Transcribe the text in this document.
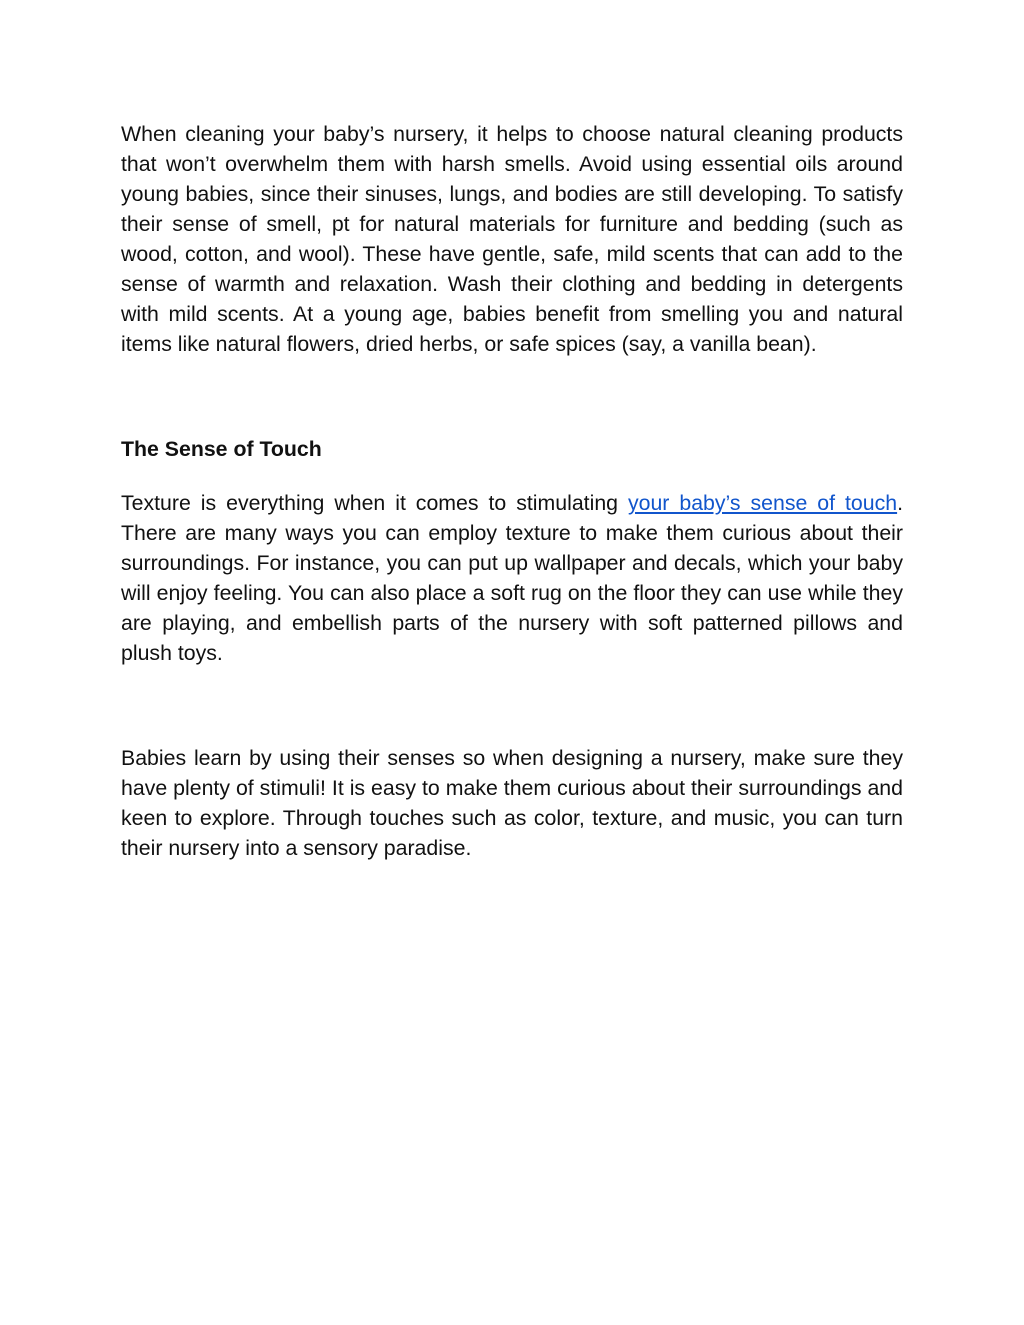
When cleaning your baby’s nursery, it helps to choose natural cleaning products that won’t overwhelm them with harsh smells. Avoid using essential oils around young babies, since their sinuses, lungs, and bodies are still developing. To satisfy their sense of smell, pt for natural materials for furniture and bedding (such as wood, cotton, and wool). These have gentle, safe, mild scents that can add to the sense of warmth and relaxation. Wash their clothing and bedding in detergents with mild scents. At a young age, babies benefit from smelling you and natural items like natural flowers, dried herbs, or safe spices (say, a vanilla bean).

The Sense of Touch

Texture is everything when it comes to stimulating your baby’s sense of touch. There are many ways you can employ texture to make them curious about their surroundings. For instance, you can put up wallpaper and decals, which your baby will enjoy feeling. You can also place a soft rug on the floor they can use while they are playing, and embellish parts of the nursery with soft patterned pillows and plush toys.

Babies learn by using their senses so when designing a nursery, make sure they have plenty of stimuli! It is easy to make them curious about their surroundings and keen to explore. Through touches such as color, texture, and music, you can turn their nursery into a sensory paradise.
